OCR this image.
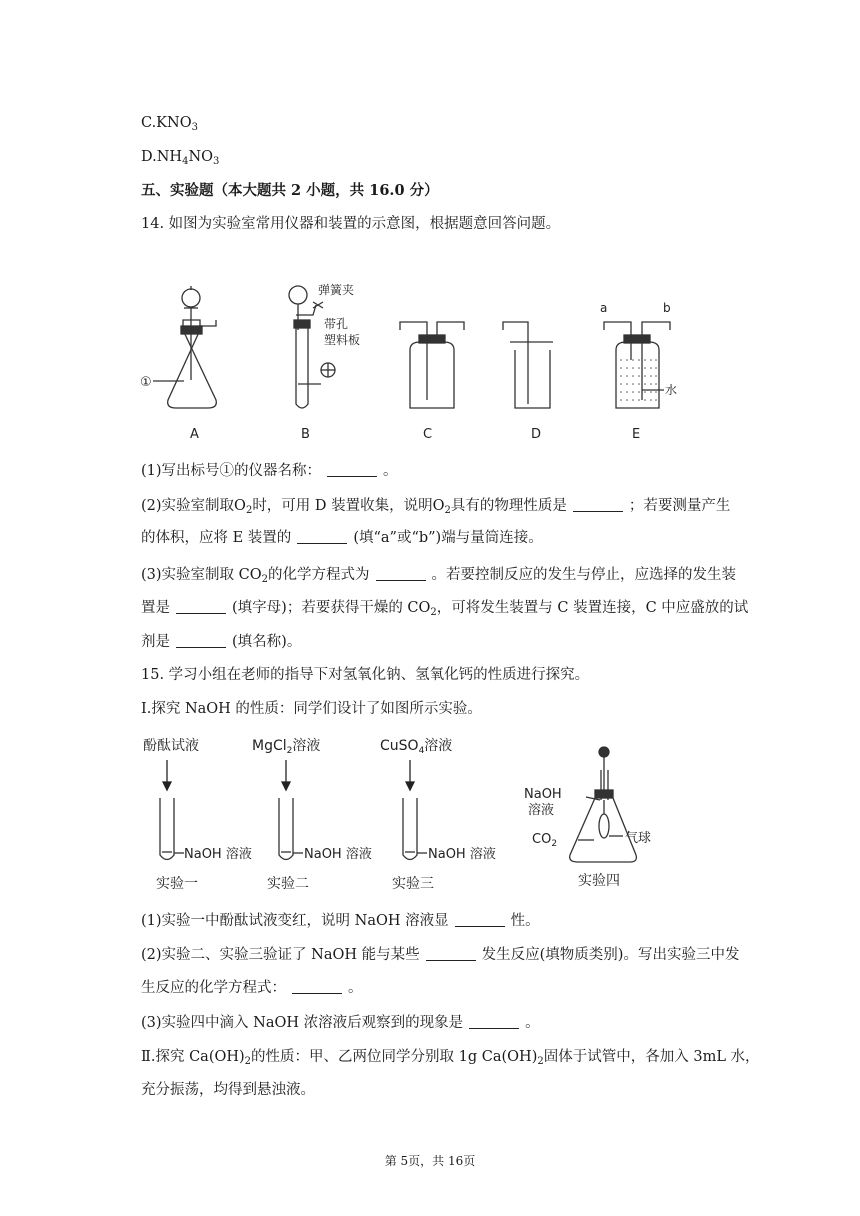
$C.KNO_3$
$D.NH_4NO_3$
五、实验题（本大题共 2 小题，共 16.0 分）
14. 如图为实验室常用仪器和装置的示意图，根据题意回答问题。
①
A
弹簧夹
带孔
塑料板
B	C	D
a	b
水
E
(1)写出标号①的仪器名称：	。
(2)实验室制取$O_2$时，可用 D 装置收集，说明$O_2$具有的物理性质是	；若要测量产生
的体积，应将 E 装置的	(填“a”或“b”)端与量筒连接。
(3)实验室制取 $CO_2$的化学方程式为	。若要控制反应的发生与停止，应选择的发生装
置是	(填字母)；若要获得干燥的 $CO_2$，可将发生装置与 C 装置连接，C 中应盛放的试
剂是	(填名称)。
15. 学习小组在老师的指导下对氢氧化钠、氢氧化钙的性质进行探究。
Ⅰ.探究 NaOH 的性质：同学们设计了如图所示实验。
酚酞试液	MgCl$_2$溶液	CuSO$_4$溶液
NaOH 溶液	NaOH 溶液	NaOH 溶液
实验一	实验二	实验三
NaOH
溶液
$CO_2$	气球
实验四
(1)实验一中酚酞试液变红，说明 NaOH 溶液显	性。
(2)实验二、实验三验证了 NaOH 能与某些	发生反应(填物质类别)。写出实验三中发
生反应的化学方程式：	。
(3)实验四中滴入 NaOH 浓溶液后观察到的现象是	。
Ⅱ.探究 $Ca(OH)_2$的性质：甲、乙两位同学分别取 1g $Ca(OH)_2$固体于试管中，各加入 3mL 水，
充分振荡，均得到悬浊液。
第 5页，共 16页
